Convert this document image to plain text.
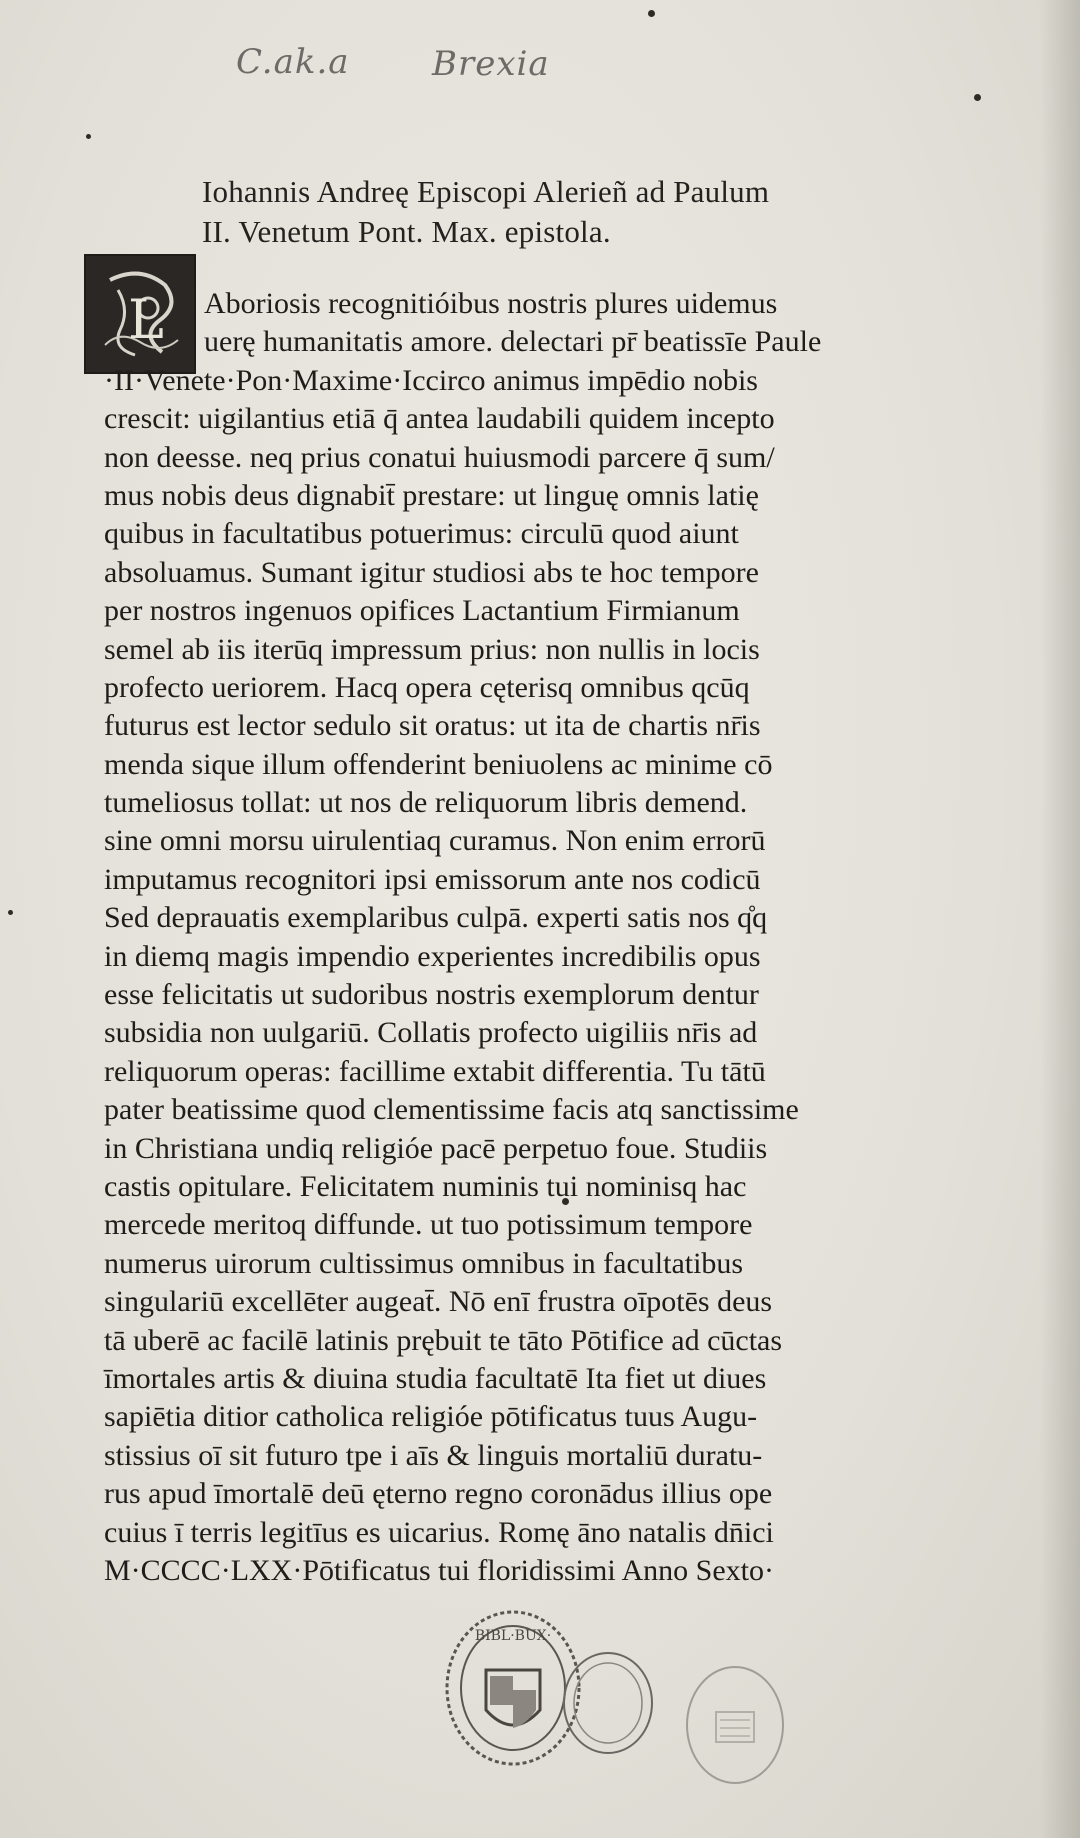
C.ak.a Brexia
Iohannis Andreę Episcopi Alerieñ ad Paulum
II. Venetum Pont. Max. epistola.
L	Aboriosis recognitióibus nostris plures uidemus
uerę humanitatis amore. delectari pr̄ beatissīe Paule
·II·Venete·Pon·Maxime·Iccirco animus impēdio nobis
crescit: uigilantius etiā q̄ antea laudabili quidem incepto
non deesse. neq prius conatui huiusmodi parcere q̄ sum/
mus nobis deus dignabit̄ prestare: ut linguę omnis latię
quibus in facultatibus potuerimus: circulū quod aiunt
absoluamus. Sumant igitur studiosi abs te hoc tempore
per nostros ingenuos opifices Lactantium Firmianum
semel ab iis iterūq impressum prius: non nullis in locis
profecto ueriorem. Hacq opera cęterisq omnibus qcūq
futurus est lector sedulo sit oratus: ut ita de chartis nr̄is
menda sique illum offenderint beniuolens ac minime cō
tumeliosus tollat: ut nos de reliquorum libris demend.
sine omni morsu uirulentiaq curamus. Non enim errorū
imputamus recognitori ipsi emissorum ante nos codicū
Sed deprauatis exemplaribus culpā. experti satis nos q̊q
in diemq magis impendio experientes incredibilis opus
esse felicitatis ut sudoribus nostris exemplorum dentur
subsidia non uulgariū. Collatis profecto uigiliis nr̄is ad
reliquorum operas: facillime extabit differentia. Tu tātū
pater beatissime quod clementissime facis atq sanctissime
in Christiana undiq religióe pacē perpetuo foue. Studiis
castis opitulare. Felicitatem numinis tui nominisq hac
mercede meritoq diffunde. ut tuo potissimum tempore
numerus uirorum cultissimus omnibus in facultatibus
singulariū excellēter augeat̄. Nō enī frustra oīpotēs deus
tā uberē ac facilē latinis prębuit te tāto Pōtifice ad cūctas
īmortales artis & diuina studia facultatē Ita fiet ut diues
sapiētia ditior catholica religióe pōtificatus tuus Augu-
stissius oī sit futuro tpe i aīs & linguis mortaliū duratu-
rus apud īmortalē deū ęterno regno coronādus illius ope
cuius ī terris legitīus es uicarius. Romę āno natalis dn̄ici
M·CCCC·LXX·Pōtificatus tui floridissimi Anno Sexto·
BIBL·BUX·
